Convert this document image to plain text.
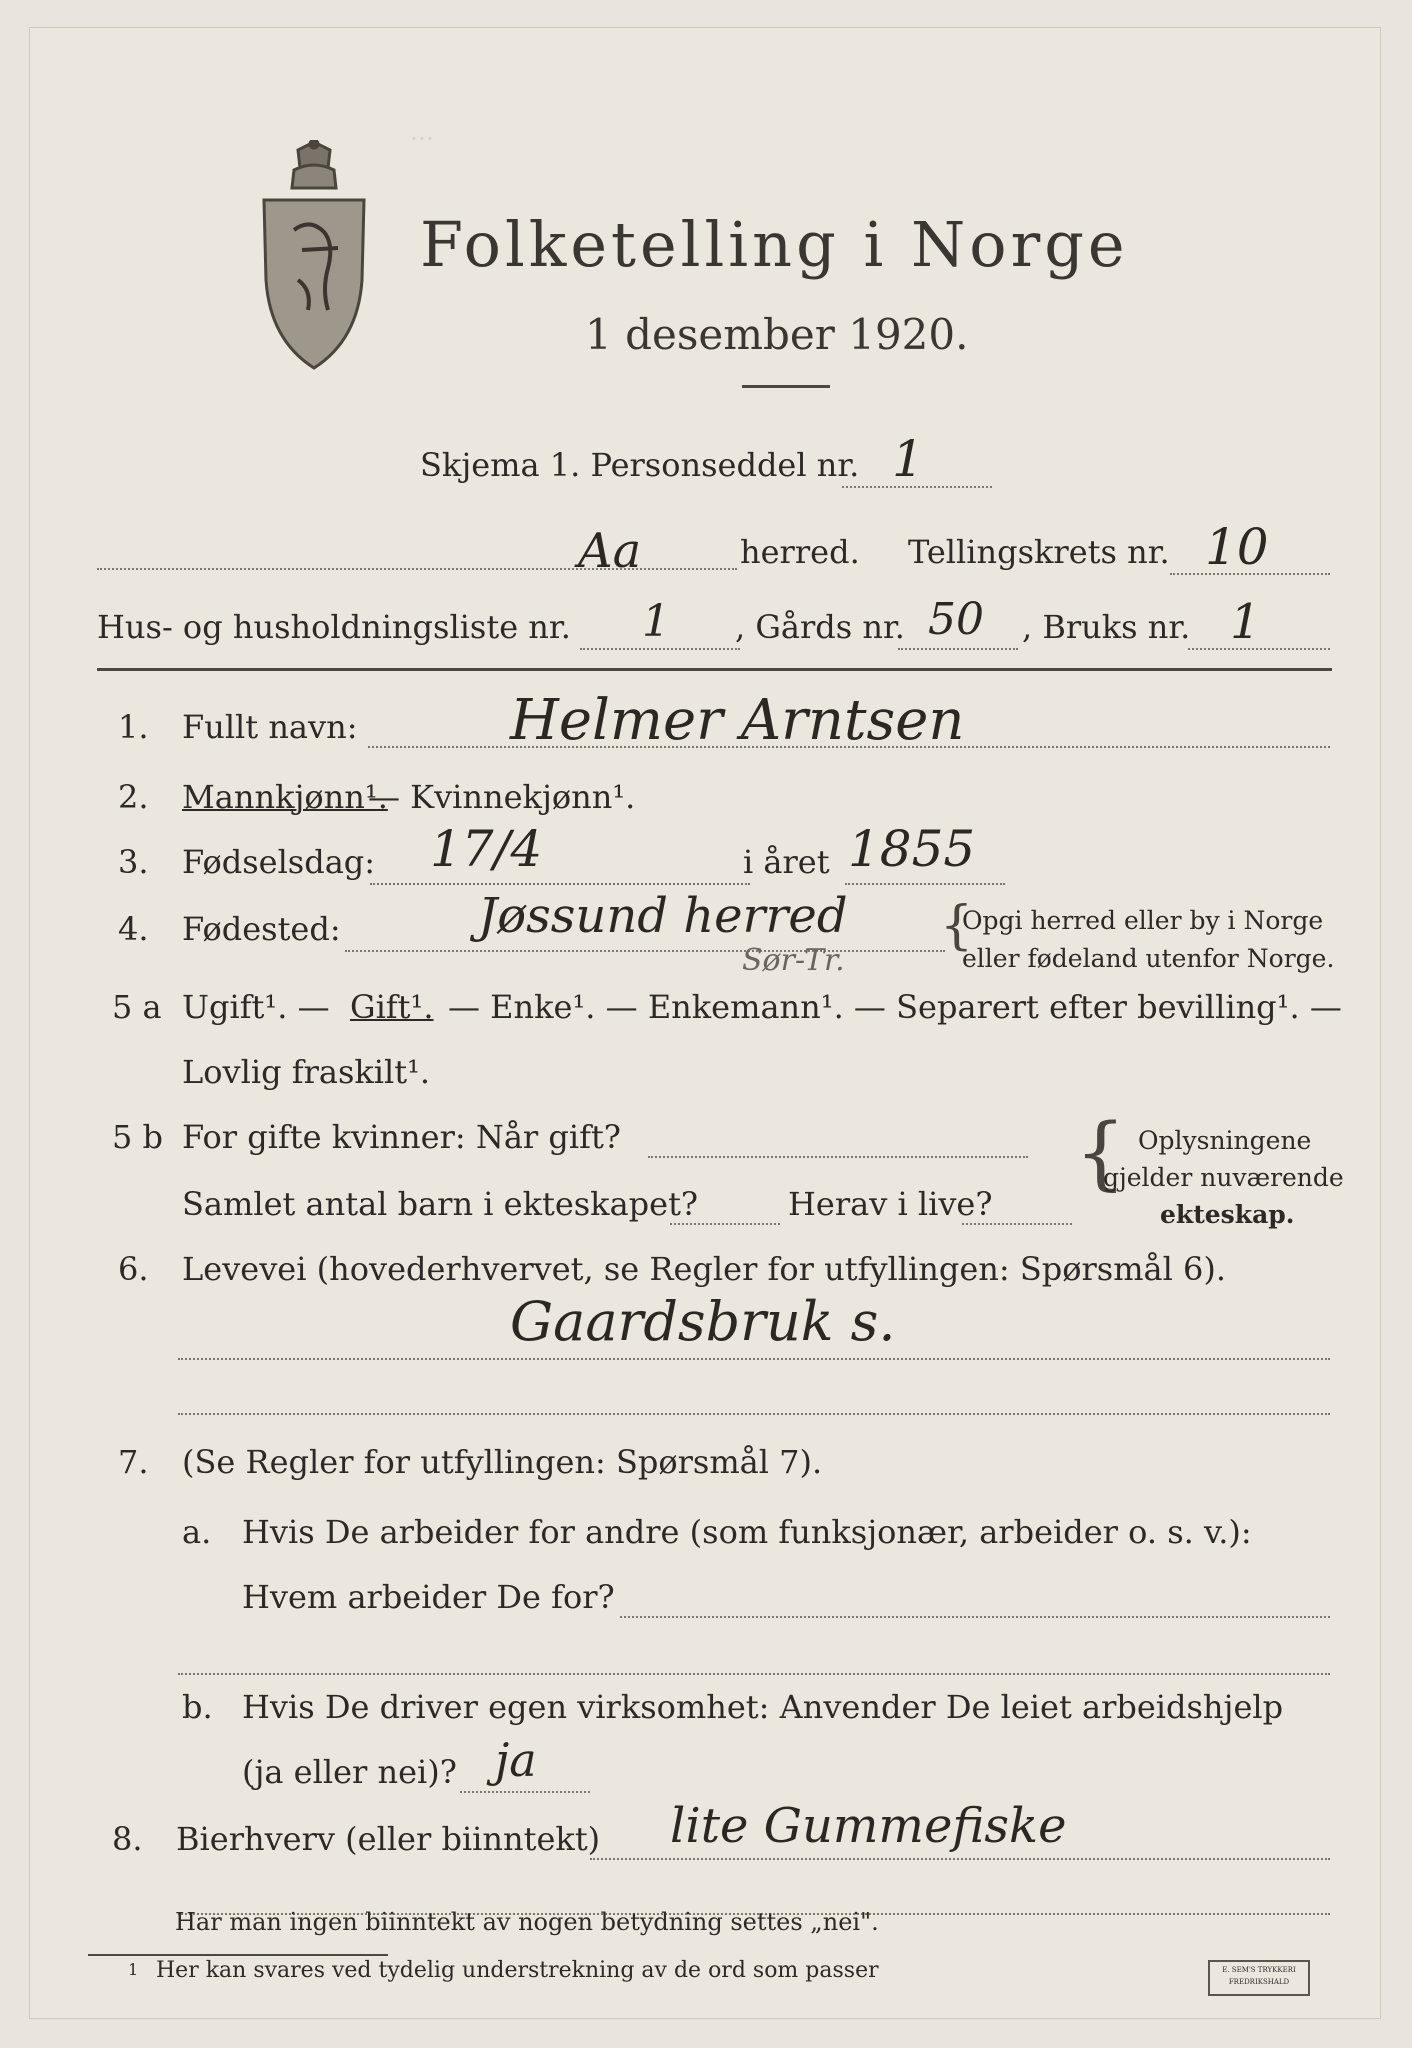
…
Folketelling i Norge
1 desember 1920.
Skjema 1. Personseddel nr. 1
Aa	herred. Tellingskrets nr. 10
Hus- og husholdningsliste nr. 1 , Gårds nr. 50 , Bruks nr. 1
1. Fullt navn:	Helmer Arntsen
2. Mannkjønn¹.
— Kvinnekjønn¹.
3. Fødselsdag: 17/4	i året 1855
4. Fødested:	Jøssund herred
Sør-Tr.
{
Opgi herred eller by i Norge
eller fødeland utenfor Norge.
5 a Ugift¹. — Gift¹. — Enke¹. — Enkemann¹. — Separert efter bevilling¹. —
Lovlig fraskilt¹.
5 b For gifte kvinner: Når gift?
Samlet antal barn i ekteskapet?	Herav i live?
{ Oplysningene
gjelder nuværende
ekteskap.
6. Levevei (hovederhvervet, se Regler for utfyllingen: Spørsmål 6).
Gaardsbruk s.
7. (Se Regler for utfyllingen: Spørsmål 7).
a. Hvis De arbeider for andre (som funksjonær, arbeider o. s. v.):
Hvem arbeider De for?
b. Hvis De driver egen virksomhet: Anvender De leiet arbeidshjelp
(ja eller nei)? ja
8. Bierhverv (eller biinntekt) lite Gummefiske
Har man ingen biinntekt av nogen betydning settes „nei".
1 Her kan svares ved tydelig understrekning av de ord som passer	E. SEM'S TRYKKERI FREDRIKSHALD
